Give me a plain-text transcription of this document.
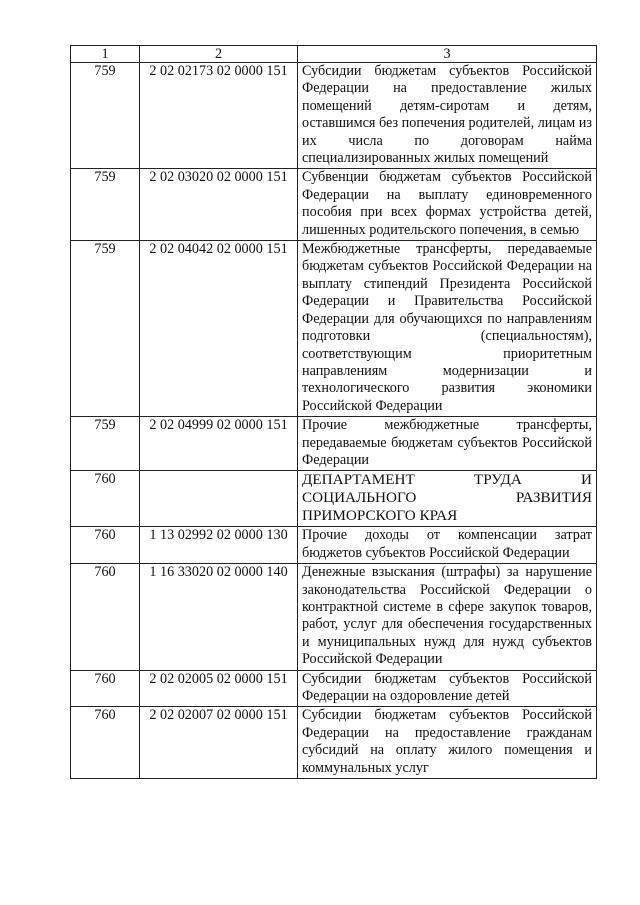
1	2	3
759	2 02 02173 02 0000 151	Субсидии бюджетам субъектов Российской Федерации на предоставление жилых помещений детям-сиротам и детям, оставшимся без попечения родителей, лицам из их числа по договорам найма специализированных жилых помещений
759	2 02 03020 02 0000 151	Субвенции бюджетам субъектов Российской Федерации на выплату единовременного пособия при всех формах устройства детей, лишенных родительского попечения, в семью
759	2 02 04042 02 0000 151	Межбюджетные трансферты, передаваемые бюджетам субъектов Российской Федерации на выплату стипендий Президента Российской Федерации и Правительства Российской Федерации для обучающихся по направлениям подготовки (специальностям), соответствующим приоритетным направлениям модернизации и технологического развития экономики Российской Федерации
759	2 02 04999 02 0000 151	Прочие межбюджетные трансферты, передаваемые бюджетам субъектов Российской Федерации
760		ДЕПАРТАМЕНТ ТРУДА И СОЦИАЛЬНОГО РАЗВИТИЯ ПРИМОРСКОГО КРАЯ
760	1 13 02992 02 0000 130	Прочие доходы от компенсации затрат бюджетов субъектов Российской Федерации
760	1 16 33020 02 0000 140	Денежные взыскания (штрафы) за нарушение законодательства Российской Федерации о контрактной системе в сфере закупок товаров, работ, услуг для обеспечения государственных и муниципальных нужд для нужд субъектов Российской Федерации
760	2 02 02005 02 0000 151	Субсидии бюджетам субъектов Российской Федерации на оздоровление детей
760	2 02 02007 02 0000 151	Субсидии бюджетам субъектов Российской Федерации на предоставление гражданам субсидий на оплату жилого помещения и коммунальных услуг
